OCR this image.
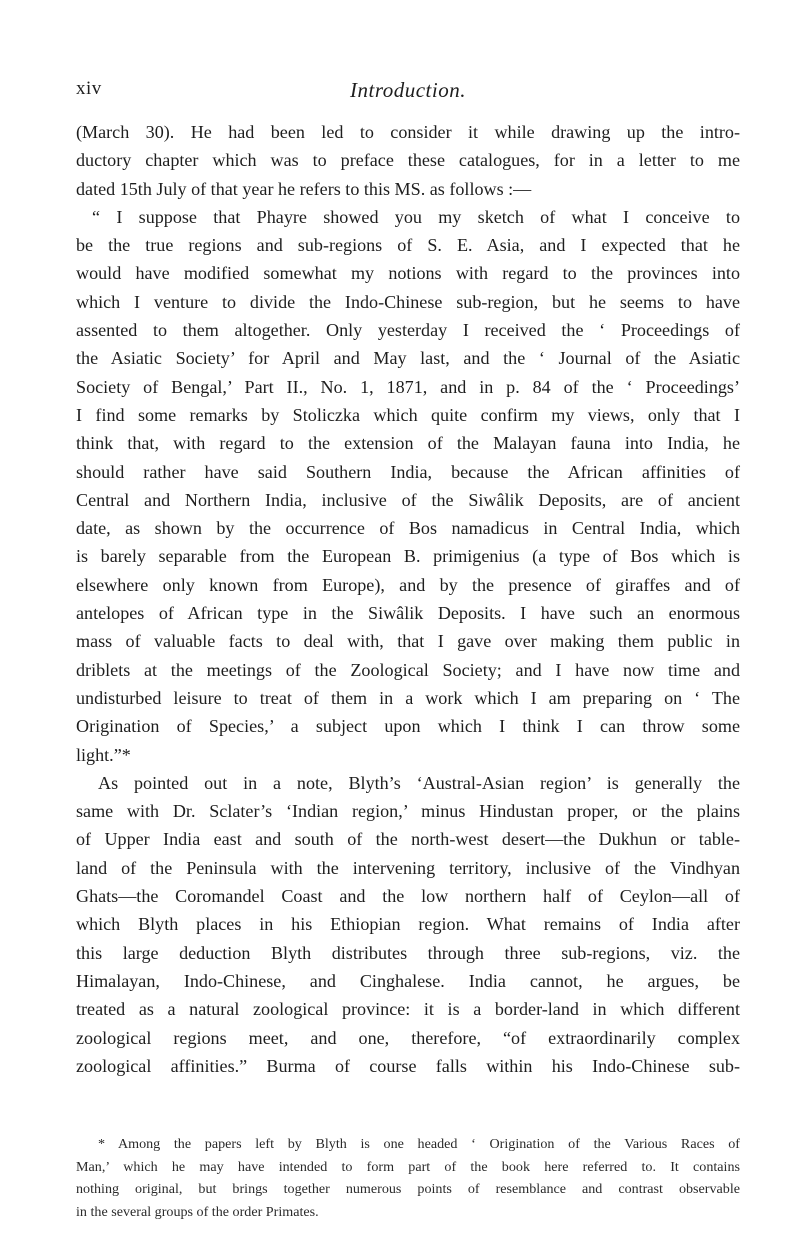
xiv	Introduction.
(March 30). He had been led to consider it while drawing up the intro-
ductory chapter which was to preface these catalogues, for in a letter to me
dated 15th July of that year he refers to this MS. as follows :—
“ I suppose that Phayre showed you my sketch of what I conceive to
be the true regions and sub-regions of S. E. Asia, and I expected that he
would have modified somewhat my notions with regard to the provinces into
which I venture to divide the Indo-Chinese sub-region, but he seems to have
assented to them altogether. Only yesterday I received the ‘ Proceedings of
the Asiatic Society’ for April and May last, and the ‘ Journal of the Asiatic
Society of Bengal,’ Part II., No. 1, 1871, and in p. 84 of the ‘ Proceedings’
I find some remarks by Stoliczka which quite confirm my views, only that I
think that, with regard to the extension of the Malayan fauna into India, he
should rather have said Southern India, because the African affinities of
Central and Northern India, inclusive of the Siwâlik Deposits, are of ancient
date, as shown by the occurrence of Bos namadicus in Central India, which
is barely separable from the European B. primigenius (a type of Bos which is
elsewhere only known from Europe), and by the presence of giraffes and of
antelopes of African type in the Siwâlik Deposits. I have such an enormous
mass of valuable facts to deal with, that I gave over making them public in
driblets at the meetings of the Zoological Society; and I have now time and
undisturbed leisure to treat of them in a work which I am preparing on ‘ The
Origination of Species,’ a subject upon which I think I can throw some
light.”*
As pointed out in a note, Blyth’s ‘Austral-Asian region’ is generally the
same with Dr. Sclater’s ‘Indian region,’ minus Hindustan proper, or the plains
of Upper India east and south of the north-west desert—the Dukhun or table-
land of the Peninsula with the intervening territory, inclusive of the Vindhyan
Ghats—the Coromandel Coast and the low northern half of Ceylon—all of
which Blyth places in his Ethiopian region. What remains of India after
this large deduction Blyth distributes through three sub-regions, viz. the
Himalayan, Indo-Chinese, and Cinghalese. India cannot, he argues, be
treated as a natural zoological province: it is a border-land in which different
zoological regions meet, and one, therefore, “of extraordinarily complex
zoological affinities.” Burma of course falls within his Indo-Chinese sub-
* Among the papers left by Blyth is one headed ‘ Origination of the Various Races of
Man,’ which he may have intended to form part of the book here referred to. It contains
nothing original, but brings together numerous points of resemblance and contrast observable
in the several groups of the order Primates.
